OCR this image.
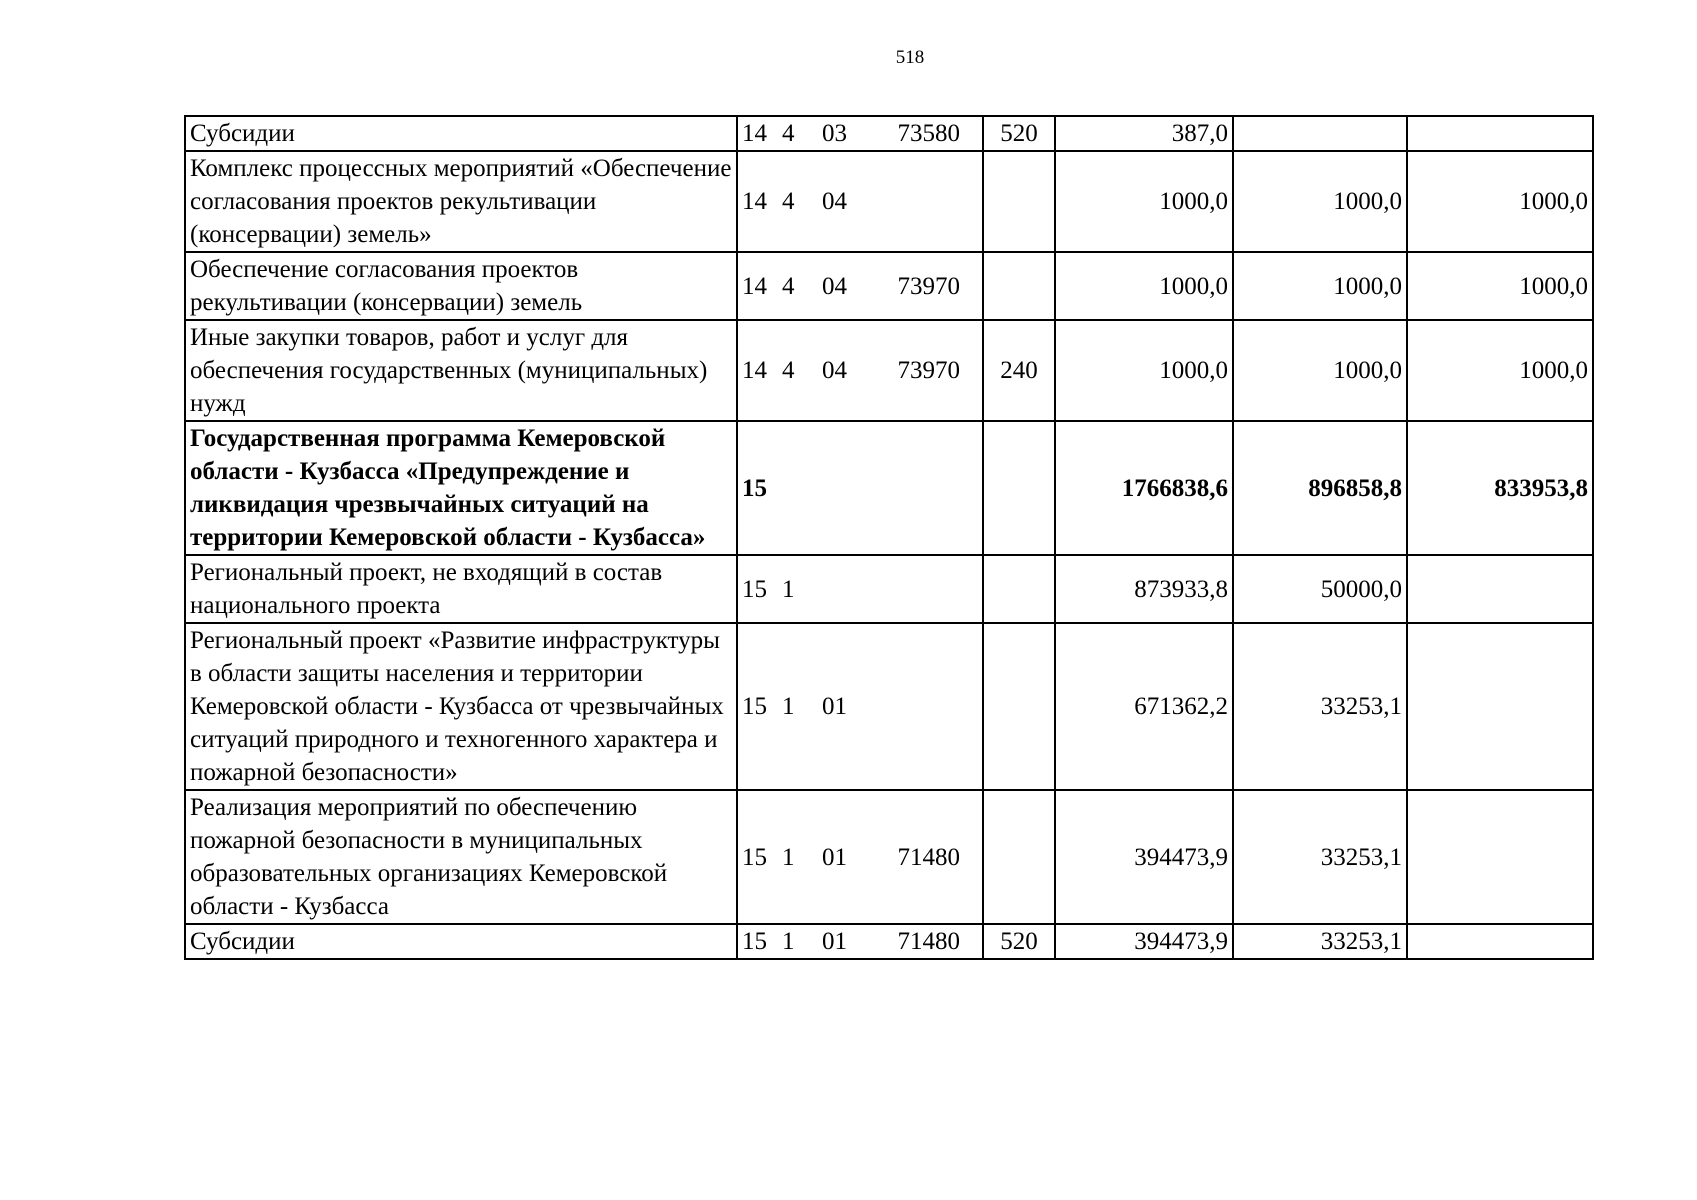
518
Субсидии	14 4 03 73580	520	387,0		
Комплекс процессных мероприятий «Обеспечение согласования проектов рекультивации (консервации) земель»	14 4 04		1000,0	1000,0	1000,0
Обеспечение согласования проектов рекультивации (консервации) земель	14 4 04 73970		1000,0	1000,0	1000,0
Иные закупки товаров, работ и услуг для обеспечения государственных (муниципальных) нужд	14 4 04 73970	240	1000,0	1000,0	1000,0
Государственная программа Кемеровской области - Кузбасса «Предупреждение и ликвидация чрезвычайных ситуаций на территории Кемеровской области - Кузбасса»	15		1766838,6	896858,8	833953,8
Региональный проект, не входящий в состав национального проекта	15 1		873933,8	50000,0	
Региональный проект «Развитие инфраструктуры в области защиты населения и территории Кемеровской области - Кузбасса от чрезвычайных ситуаций природного и техногенного характера и пожарной безопасности»	15 1 01		671362,2	33253,1	
Реализация мероприятий по обеспечению пожарной безопасности в муниципальных образовательных организациях Кемеровской области - Кузбасса	15 1 01 71480		394473,9	33253,1	
Субсидии	15 1 01 71480	520	394473,9	33253,1	
